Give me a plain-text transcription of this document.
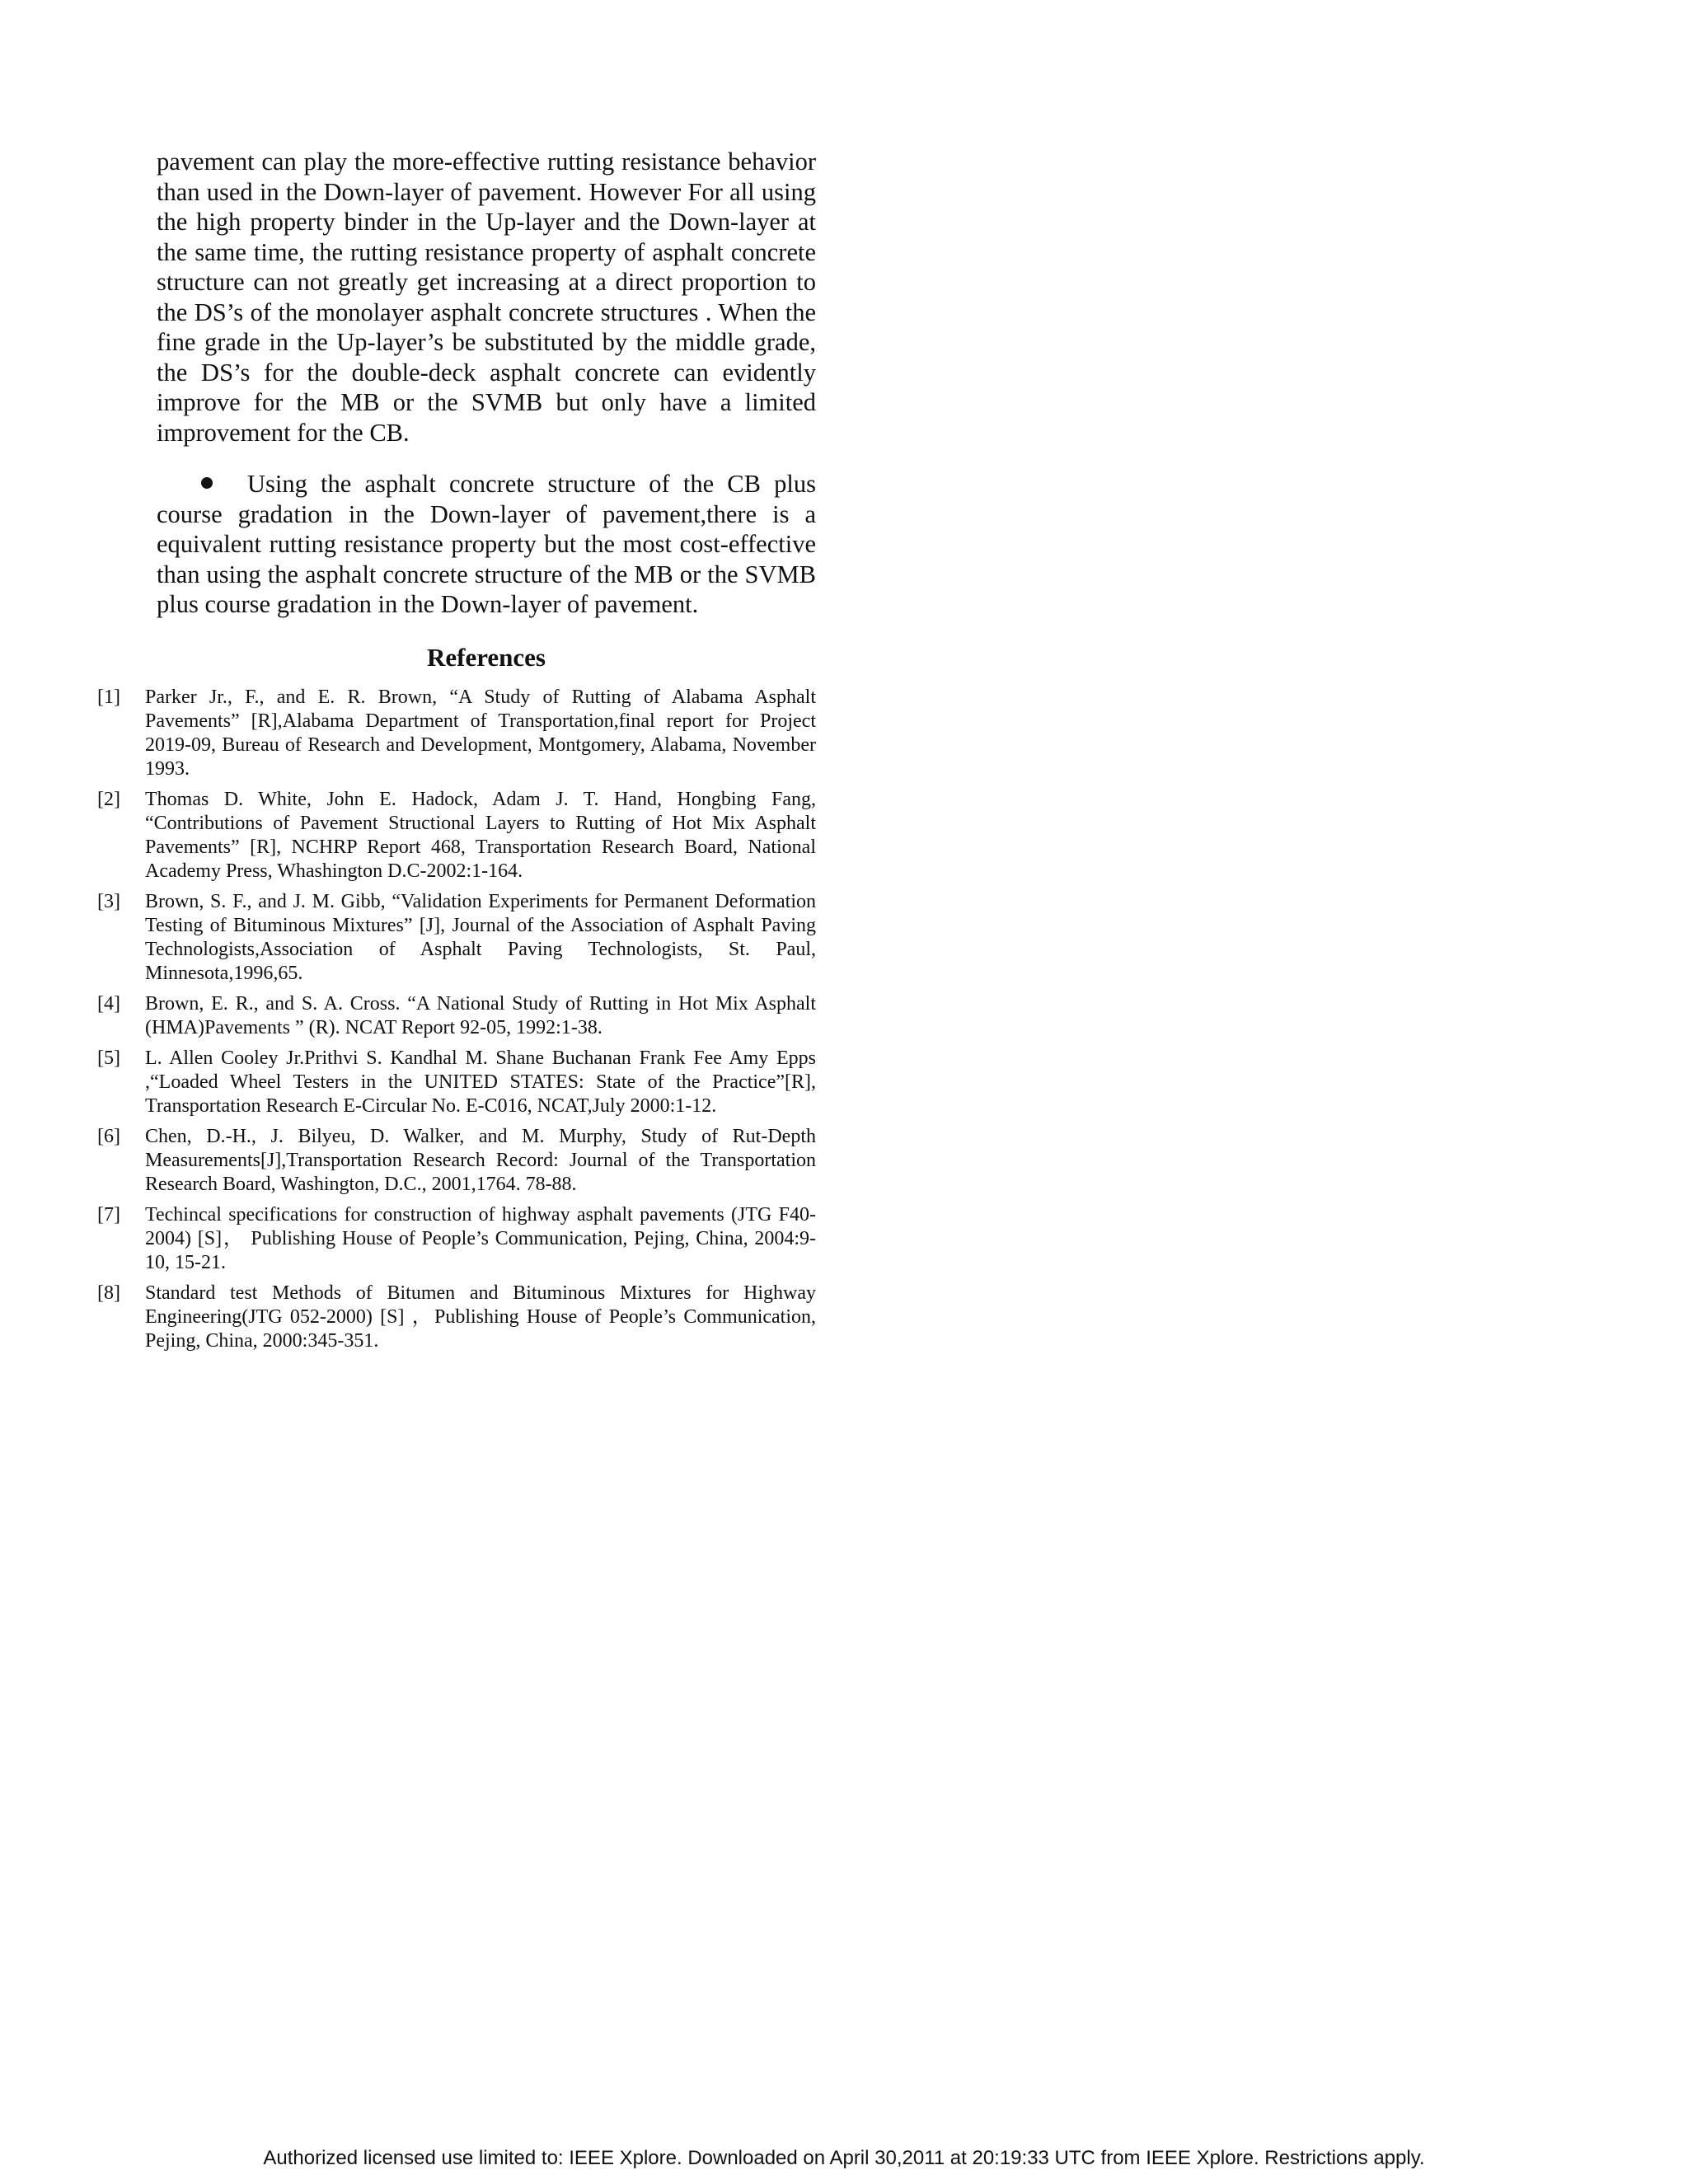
pavement can play the more-effective rutting resistance behavior than used in the Down-layer of pavement. However For all using the high property binder in the Up-layer and the Down-layer at the same time, the rutting resistance property of asphalt concrete structure can not greatly get increasing at a direct proportion to the DS’s of the monolayer asphalt concrete structures . When the fine grade in the Up-layer’s be substituted by the middle grade, the DS’s for the double-deck asphalt concrete can evidently improve for the MB or the SVMB but only have a limited improvement for the CB.

Using the asphalt concrete structure of the CB plus course gradation in the Down-layer of pavement,there is a equivalent rutting resistance property but the most cost-effective than using the asphalt concrete structure of the MB or the SVMB plus course gradation in the Down-layer of pavement.

References
[1] Parker Jr., F., and E. R. Brown, “A Study of Rutting of Alabama Asphalt Pavements” [R],Alabama Department of Transportation,final report for Project 2019-09, Bureau of Research and Development, Montgomery, Alabama, November 1993.
[2] Thomas D. White, John E. Hadock, Adam J. T. Hand, Hongbing Fang, “Contributions of Pavement Structional Layers to Rutting of Hot Mix Asphalt Pavements” [R], NCHRP Report 468, Transportation Research Board, National Academy Press, Whashington D.C-2002:1-164.
[3] Brown, S. F., and J. M. Gibb, “Validation Experiments for Permanent Deformation Testing of Bituminous Mixtures” [J], Journal of the Association of Asphalt Paving Technologists,Association of Asphalt Paving Technologists, St. Paul, Minnesota,1996,65.
[4] Brown, E. R., and S. A. Cross. “A National Study of Rutting in Hot Mix Asphalt (HMA)Pavements ” (R). NCAT Report 92-05, 1992:1-38.
[5] L. Allen Cooley Jr.Prithvi S. Kandhal M. Shane Buchanan Frank Fee Amy Epps ,“Loaded Wheel Testers in the UNITED STATES: State of the Practice”[R], Transportation Research E-Circular No. E-C016, NCAT,July 2000:1-12.
[6] Chen, D.-H., J. Bilyeu, D. Walker, and M. Murphy, Study of Rut-Depth Measurements[J],Transportation Research Record: Journal of the Transportation Research Board, Washington, D.C., 2001,1764. 78-88.
[7] Techincal specifications for construction of highway asphalt pavements (JTG F40-2004) [S]， Publishing House of People’s Communication, Pejing, China, 2004:9-10, 15-21.
[8] Standard test Methods of Bitumen and Bituminous Mixtures for Highway Engineering(JTG 052-2000) [S] ，Publishing House of People’s Communication, Pejing, China, 2000:345-351.
Authorized licensed use limited to: IEEE Xplore. Downloaded on April 30,2011 at 20:19:33 UTC from IEEE Xplore. Restrictions apply.
